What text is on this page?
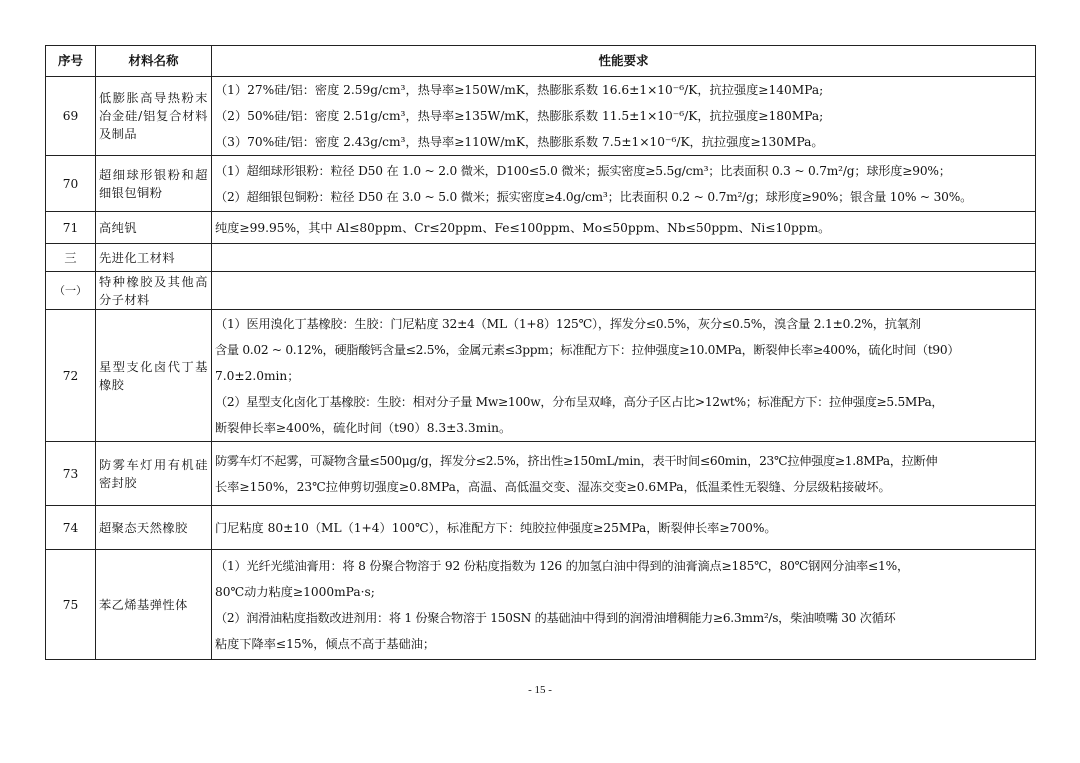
序号	材料名称	性能要求
69	低膨胀高导热粉末冶金硅/铝复合材料及制品	（1）27%硅/铝：密度 2.59g/cm³，热导率≥150W/mK，热膨胀系数 16.6±1×10⁻⁶/K，抗拉强度≥140MPa;
（2）50%硅/铝：密度 2.51g/cm³，热导率≥135W/mK，热膨胀系数 11.5±1×10⁻⁶/K，抗拉强度≥180MPa;
（3）70%硅/铝：密度 2.43g/cm³，热导率≥110W/mK，热膨胀系数 7.5±1×10⁻⁶/K，抗拉强度≥130MPa。

70	超细球形银粉和超细银包铜粉	（1）超细球形银粉：粒径 D50 在 1.0 ~ 2.0 微米，D100≤5.0 微米；振实密度≥5.5g/cm³；比表面积 0.3 ~ 0.7m²/g；球形度≥90%；
（2）超细银包铜粉：粒径 D50 在 3.0 ~ 5.0 微米；振实密度≥4.0g/cm³；比表面积 0.2 ~ 0.7m²/g；球形度≥90%；银含量 10% ~ 30%。

71	高纯钒	纯度≥99.95%，其中 Al≤80ppm、Cr≤20ppm、Fe≤100ppm、Mo≤50ppm、Nb≤50ppm、Ni≤10ppm。

三	先进化工材料	
（一）	特种橡胶及其他高分子材料	
72	星型支化卤代丁基橡胶	（1）医用溴化丁基橡胶：生胶：门尼粘度 32±4（ML（1+8）125℃），挥发分≤0.5%，灰分≤0.5%，溴含量 2.1±0.2%，抗氧剂
含量 0.02 ~ 0.12%，硬脂酸钙含量≤2.5%，金属元素≤3ppm；标准配方下：拉伸强度≥10.0MPa，断裂伸长率≥400%，硫化时间（t90）
7.0±2.0min；
（2）星型支化卤化丁基橡胶：生胶：相对分子量 Mw≥100w，分布呈双峰，高分子区占比>12wt%；标准配方下：拉伸强度≥5.5MPa，
断裂伸长率≥400%，硫化时间（t90）8.3±3.3min。

73	防雾车灯用有机硅密封胶	防雾车灯不起雾，可凝物含量≤500μg/g，挥发分≤2.5%，挤出性≥150mL/min，表干时间≤60min，23℃拉伸强度≥1.8MPa，拉断伸
长率≥150%，23℃拉伸剪切强度≥0.8MPa，高温、高低温交变、湿冻交变≥0.6MPa，低温柔性无裂缝、分层级粘接破坏。

74	超聚态天然橡胶	门尼粘度 80±10（ML（1+4）100℃），标准配方下：纯胶拉伸强度≥25MPa，断裂伸长率≥700%。

75	苯乙烯基弹性体	（1）光纤光缆油膏用：将 8 份聚合物溶于 92 份粘度指数为 126 的加氢白油中得到的油膏滴点≥185℃，80℃钢网分油率≤1%，
80℃动力粘度≥1000mPa·s;
（2）润滑油粘度指数改进剂用：将 1 份聚合物溶于 150SN 的基础油中得到的润滑油增稠能力≥6.3mm²/s，柴油喷嘴 30 次循环
粘度下降率≤15%，倾点不高于基础油；
- 15 -
